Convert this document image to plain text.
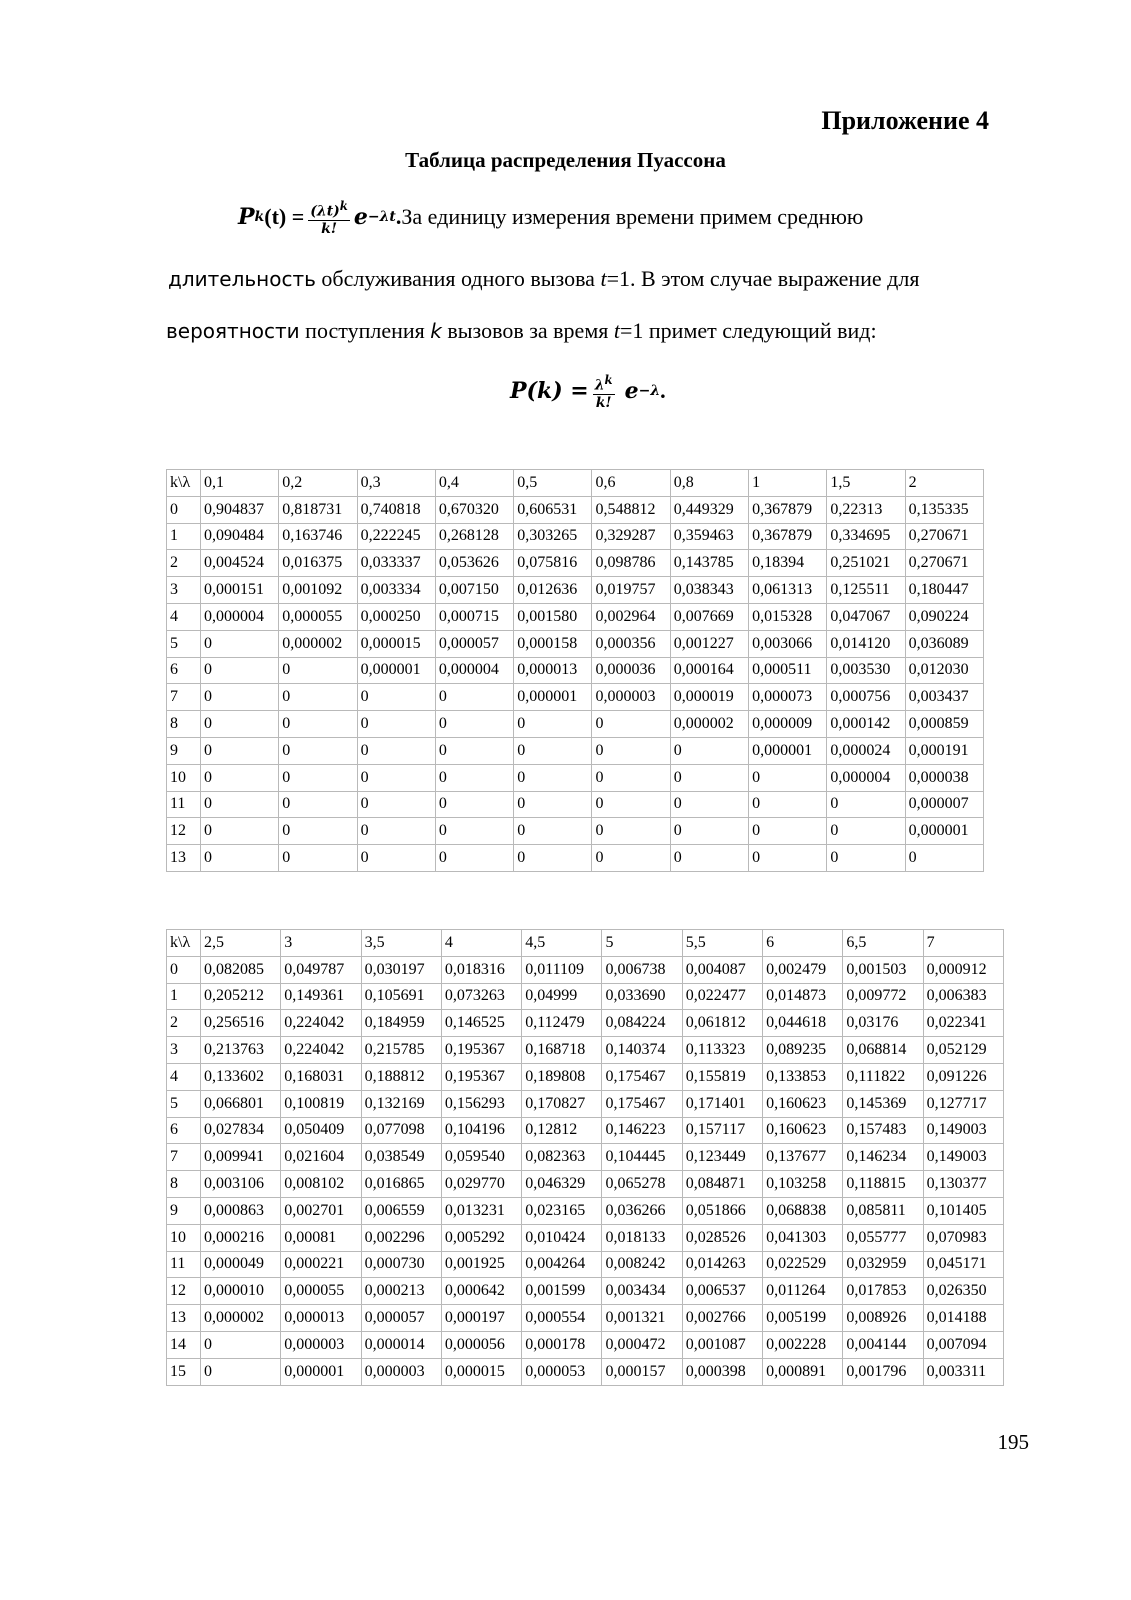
Приложение 4
Таблица распределения Пуассона
P k $(t) = \frac{(\lambda t)^k}{k!}$ e −λt . За единицу измерения времени примем среднюю
длительность обслуживания одного вызова t=1. В этом случае выражение для
вероятности поступления k вызовов за время t=1 примет следующий вид:
$P(k) = \frac{\lambda^k}{k!}$ e −λ .
k\λ	0,1	0,2	0,3	0,4	0,5	0,6	0,8	1	1,5	2
0	0,904837	0,818731	0,740818	0,670320	0,606531	0,548812	0,449329	0,367879	0,22313	0,135335
1	0,090484	0,163746	0,222245	0,268128	0,303265	0,329287	0,359463	0,367879	0,334695	0,270671
2	0,004524	0,016375	0,033337	0,053626	0,075816	0,098786	0,143785	0,18394	0,251021	0,270671
3	0,000151	0,001092	0,003334	0,007150	0,012636	0,019757	0,038343	0,061313	0,125511	0,180447
4	0,000004	0,000055	0,000250	0,000715	0,001580	0,002964	0,007669	0,015328	0,047067	0,090224
5	0	0,000002	0,000015	0,000057	0,000158	0,000356	0,001227	0,003066	0,014120	0,036089
6	0	0	0,000001	0,000004	0,000013	0,000036	0,000164	0,000511	0,003530	0,012030
7	0	0	0	0	0,000001	0,000003	0,000019	0,000073	0,000756	0,003437
8	0	0	0	0	0	0	0,000002	0,000009	0,000142	0,000859
9	0	0	0	0	0	0	0	0,000001	0,000024	0,000191
10	0	0	0	0	0	0	0	0	0,000004	0,000038
11	0	0	0	0	0	0	0	0	0	0,000007
12	0	0	0	0	0	0	0	0	0	0,000001
13	0	0	0	0	0	0	0	0	0	0
k\λ	2,5	3	3,5	4	4,5	5	5,5	6	6,5	7
0	0,082085	0,049787	0,030197	0,018316	0,011109	0,006738	0,004087	0,002479	0,001503	0,000912
1	0,205212	0,149361	0,105691	0,073263	0,04999	0,033690	0,022477	0,014873	0,009772	0,006383
2	0,256516	0,224042	0,184959	0,146525	0,112479	0,084224	0,061812	0,044618	0,03176	0,022341
3	0,213763	0,224042	0,215785	0,195367	0,168718	0,140374	0,113323	0,089235	0,068814	0,052129
4	0,133602	0,168031	0,188812	0,195367	0,189808	0,175467	0,155819	0,133853	0,111822	0,091226
5	0,066801	0,100819	0,132169	0,156293	0,170827	0,175467	0,171401	0,160623	0,145369	0,127717
6	0,027834	0,050409	0,077098	0,104196	0,12812	0,146223	0,157117	0,160623	0,157483	0,149003
7	0,009941	0,021604	0,038549	0,059540	0,082363	0,104445	0,123449	0,137677	0,146234	0,149003
8	0,003106	0,008102	0,016865	0,029770	0,046329	0,065278	0,084871	0,103258	0,118815	0,130377
9	0,000863	0,002701	0,006559	0,013231	0,023165	0,036266	0,051866	0,068838	0,085811	0,101405
10	0,000216	0,00081	0,002296	0,005292	0,010424	0,018133	0,028526	0,041303	0,055777	0,070983
11	0,000049	0,000221	0,000730	0,001925	0,004264	0,008242	0,014263	0,022529	0,032959	0,045171
12	0,000010	0,000055	0,000213	0,000642	0,001599	0,003434	0,006537	0,011264	0,017853	0,026350
13	0,000002	0,000013	0,000057	0,000197	0,000554	0,001321	0,002766	0,005199	0,008926	0,014188
14	0	0,000003	0,000014	0,000056	0,000178	0,000472	0,001087	0,002228	0,004144	0,007094
15	0	0,000001	0,000003	0,000015	0,000053	0,000157	0,000398	0,000891	0,001796	0,003311
195
